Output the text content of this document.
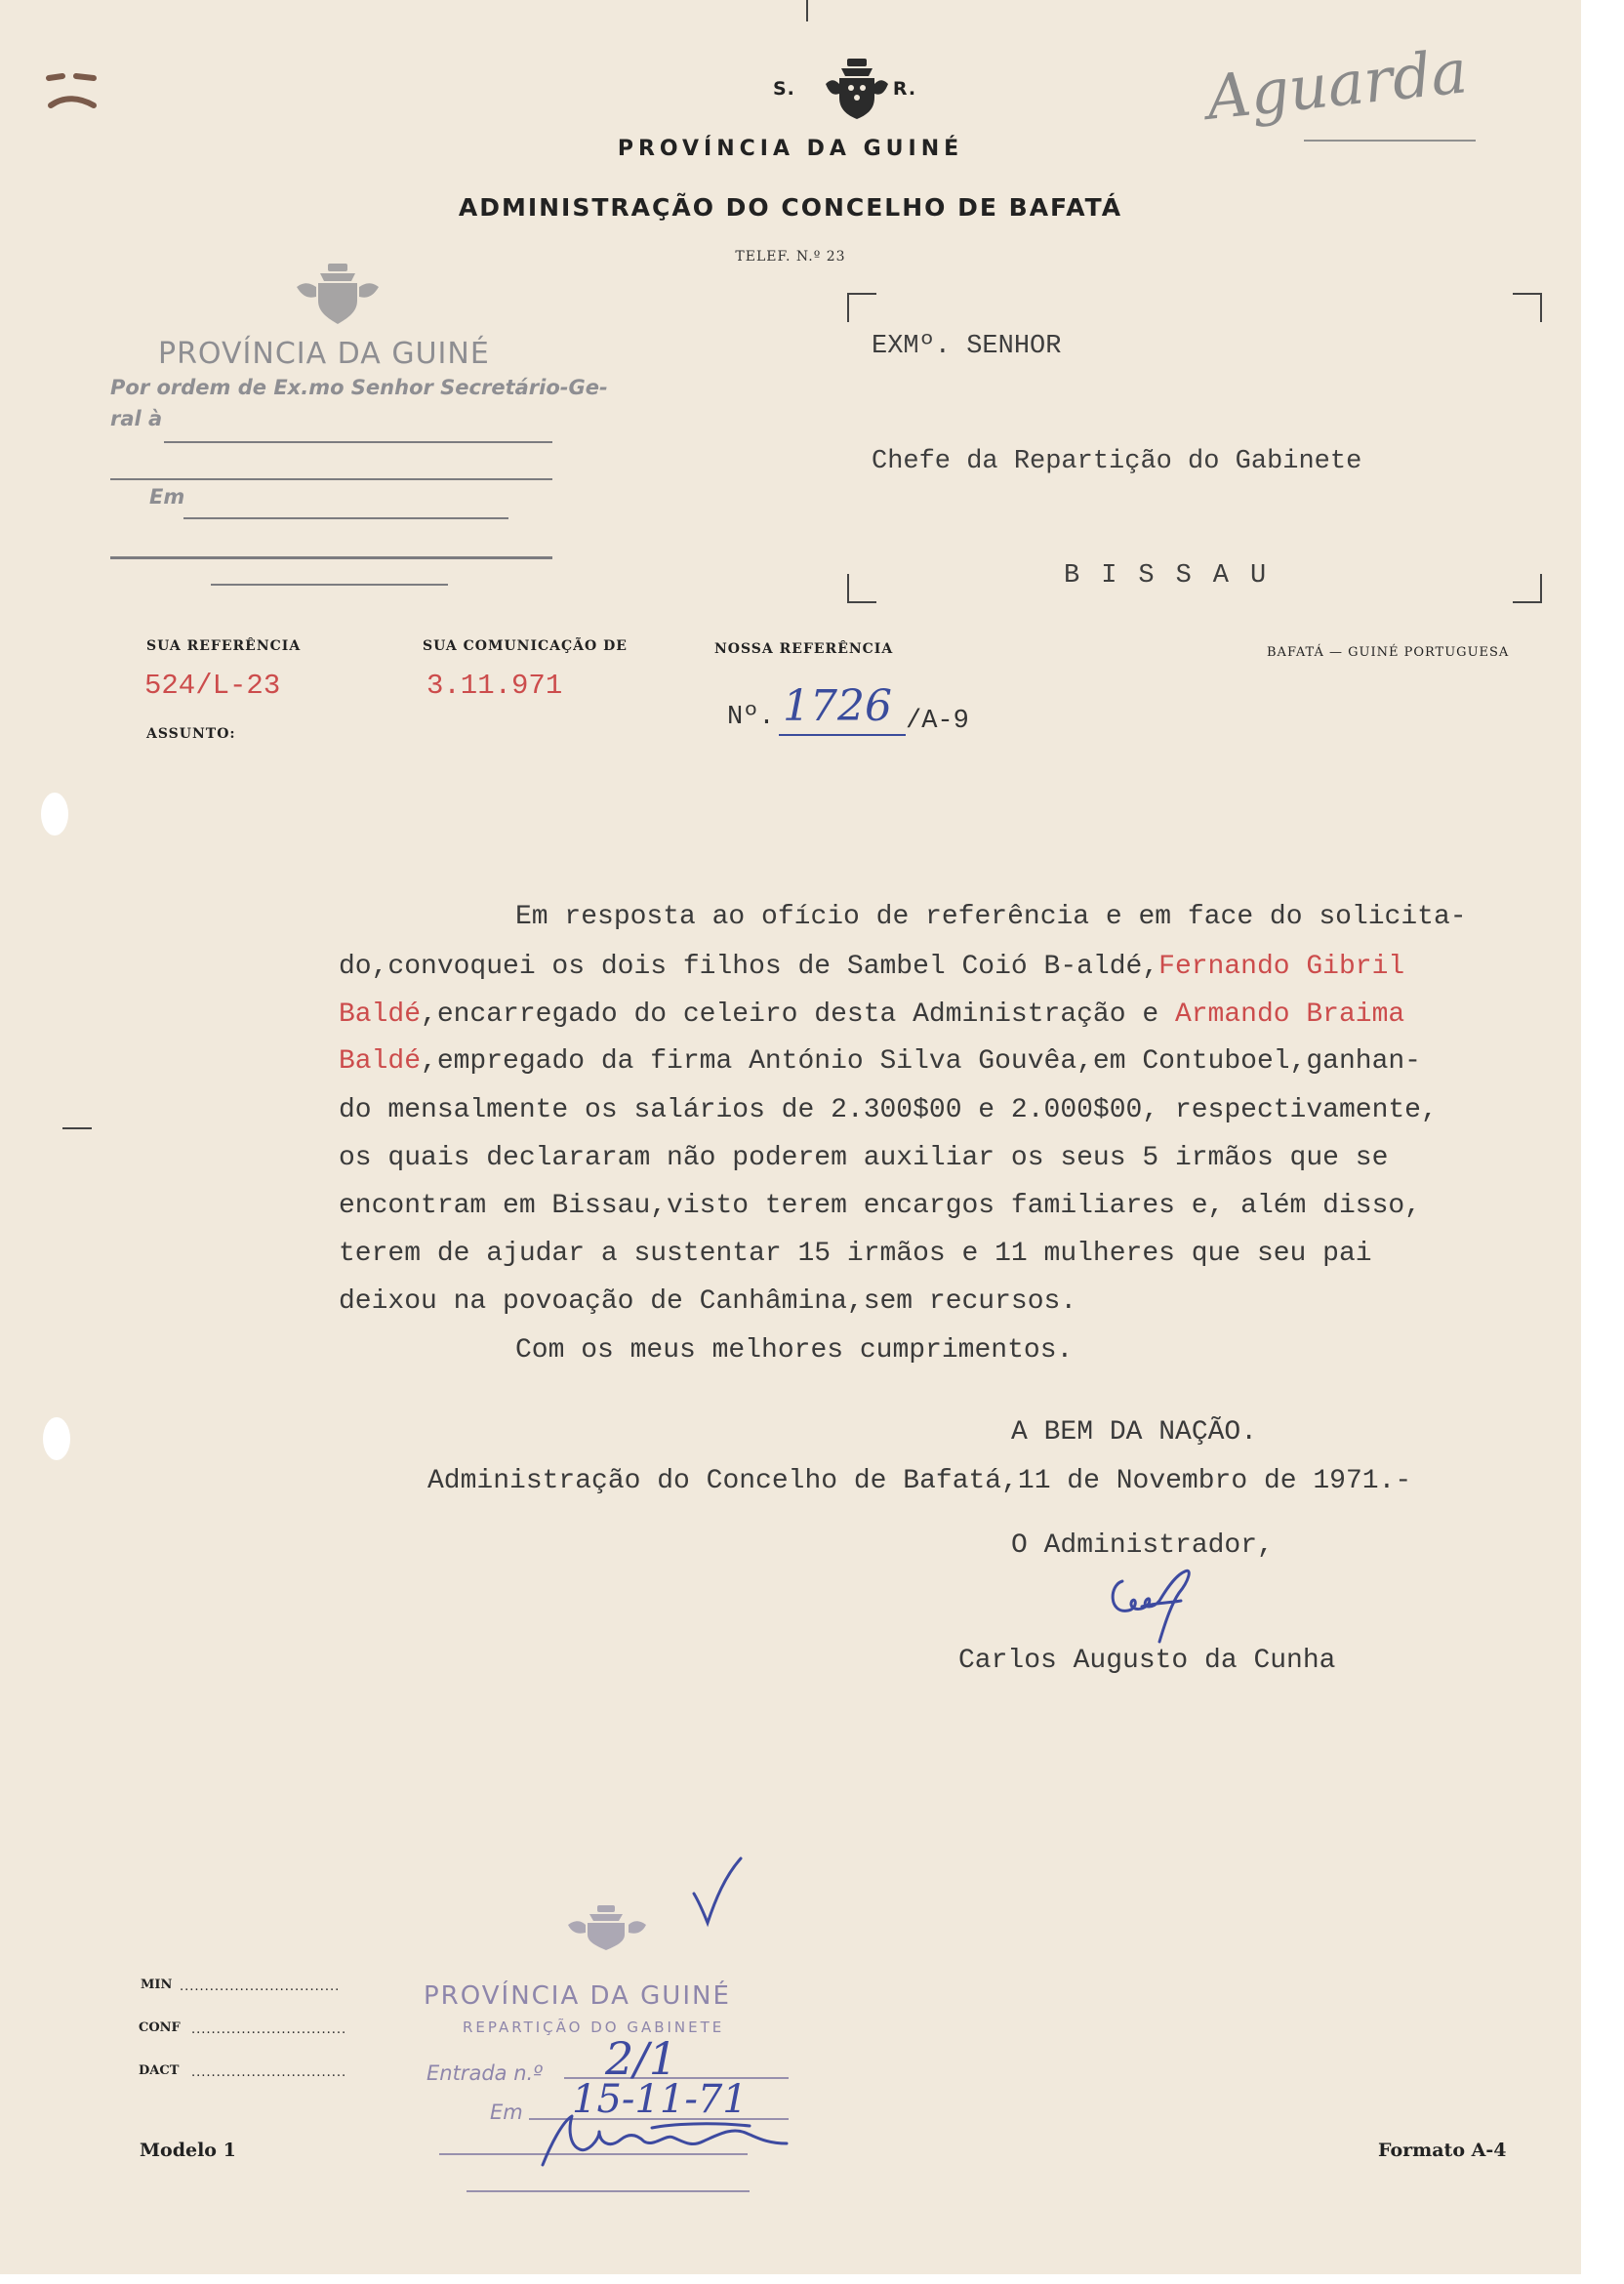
S.	R.
PROVÍNCIA DA GUINÉ
ADMINISTRAÇÃO DO CONCELHO DE BAFATÁ
TELEF. N.º 23
Aguarda
PROVÍNCIA DA GUINÉ
Por ordem de Ex.mo Senhor Secretário-Ge-
ral à
Em
EXMº. SENHOR
Chefe da Repartição do Gabinete
BISSAU
SUA REFERÊNCIA	SUA COMUNICAÇÃO DE	NOSSA REFERÊNCIA	BAFATÁ — GUINÉ PORTUGUESA
524/L-23	3.11.971
ASSUNTO:
Nº. 1726 /A-9
Em resposta ao ofício de referência e em face do solicita-
do,convoquei os dois filhos de Sambel Coió B-aldé,Fernando Gibril
Baldé,encarregado do celeiro desta Administração e Armando Braima
Baldé,empregado da firma António Silva Gouvêa,em Contuboel,ganhan-
do mensalmente os salários de 2.300$00 e 2.000$00, respectivamente,
os quais declararam não poderem auxiliar os seus 5 irmãos que se
encontram em Bissau,visto terem encargos familiares e, além disso,
terem de ajudar a sustentar 15 irmãos e 11 mulheres que seu pai
deixou na povoação de Canhâmina,sem recursos.
Com os meus melhores cumprimentos.
A BEM DA NAÇÃO.
Administração do Concelho de Bafatá,11 de Novembro de 1971.-
O Administrador,
Carlos Augusto da Cunha
PROVÍNCIA DA GUINÉ
REPARTIÇÃO DO GABINETE
Entrada n.º
Em
2/1
15-11-71
MIN ................................
CONF ...............................
DACT ...............................
Modelo 1	Formato A-4
